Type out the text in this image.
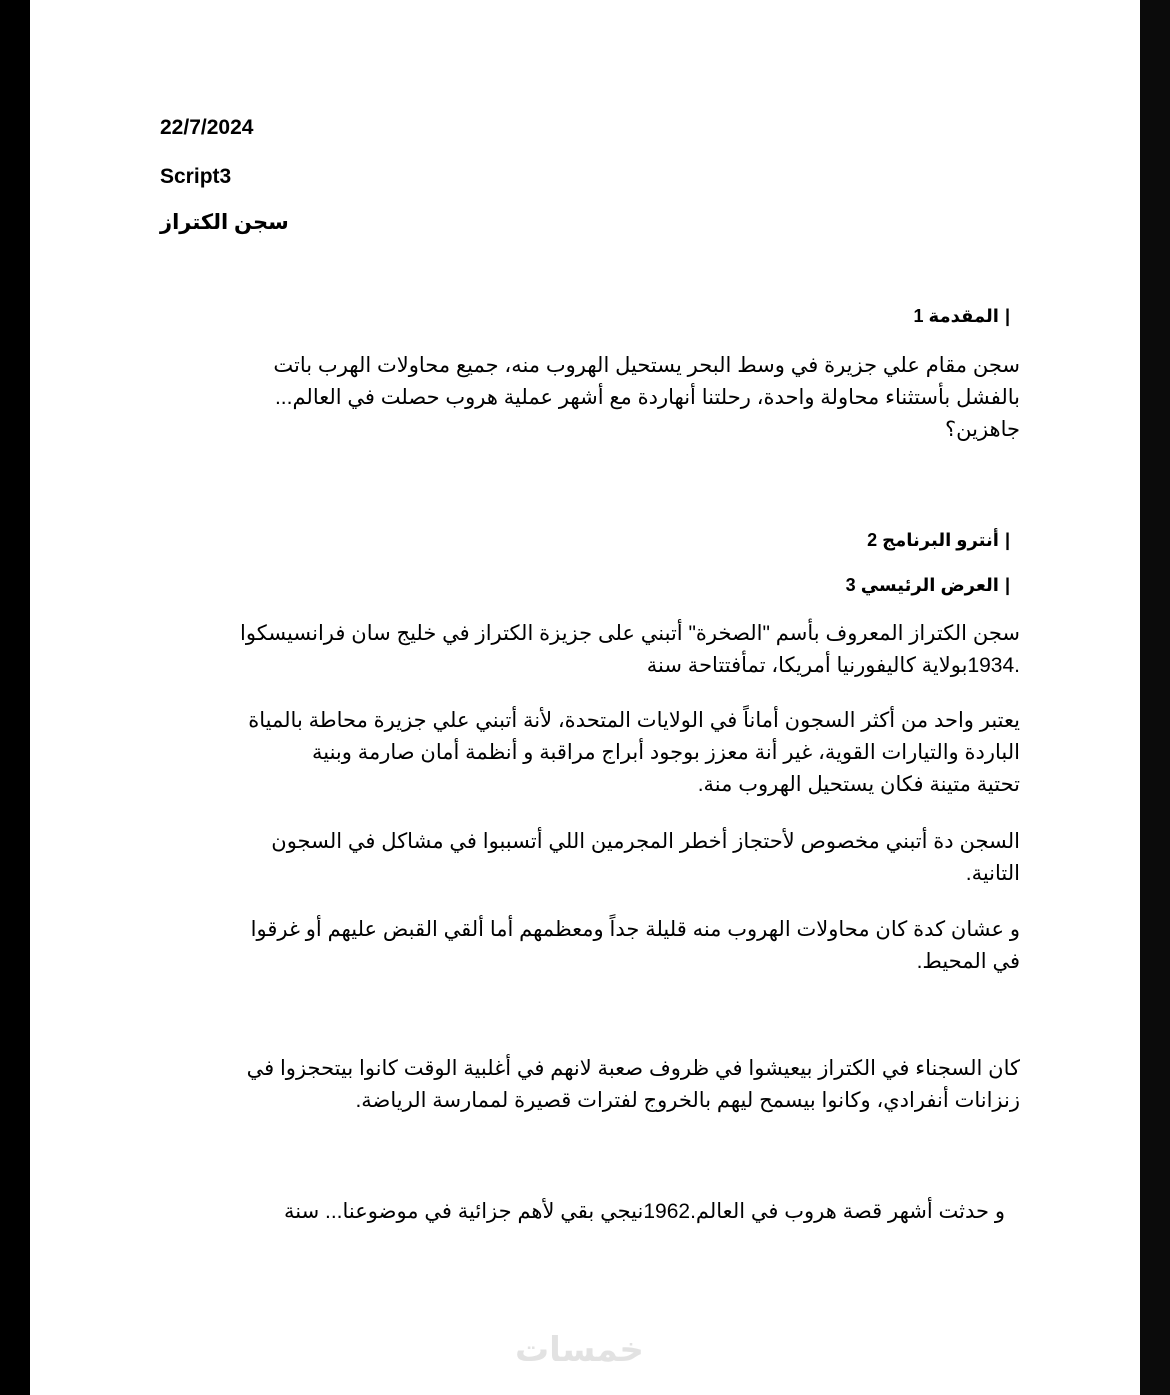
22/7/2024
Script3
سجن الكتراز
|المقدمة 1
سجن مقام علي جزيرة في وسط البحر يستحيل الهروب منه، جميع محاولات الهرب باتت
بالفشل بأستثناء محاولة واحدة، رحلتنا أنهاردة مع أشهر عملية هروب حصلت في العالم...
جاهزين؟
|أنترو البرنامج 2
|العرض الرئيسي 3
سجن الكتراز المعروف بأسم "الصخرة" أتبني على جزيزة الكتراز في خليج سان فرانسيسكوا
.1934بولاية كاليفورنيا أمريكا، تمأفتتاحة سنة
يعتبر واحد من أكثر السجون أماناً في الولايات المتحدة، لأنة أتبني علي جزيرة محاطة بالمياة
الباردة والتيارات القوية، غير أنة معزز بوجود أبراج مراقبة و أنظمة أمان صارمة وبنية
تحتية متينة فكان يستحيل الهروب منة.
السجن دة أتبني مخصوص لأحتجاز أخطر المجرمين اللي أتسببوا في مشاكل في السجون
التانية.
و عشان كدة كان محاولات الهروب منه قليلة جداً ومعظمهم أما ألقي القبض عليهم أو غرقوا
في المحيط.
كان السجناء في الكتراز بيعيشوا في ظروف صعبة لانهم في أغلبية الوقت كانوا بيتحجزوا في
زنزانات أنفرادي، وكانوا بيسمح ليهم بالخروج لفترات قصيرة لممارسة الرياضة.
و حدثت أشهر قصة هروب في العالم.1962نيجي بقي لأهم جزائية في موضوعنا... سنة
خمسات
